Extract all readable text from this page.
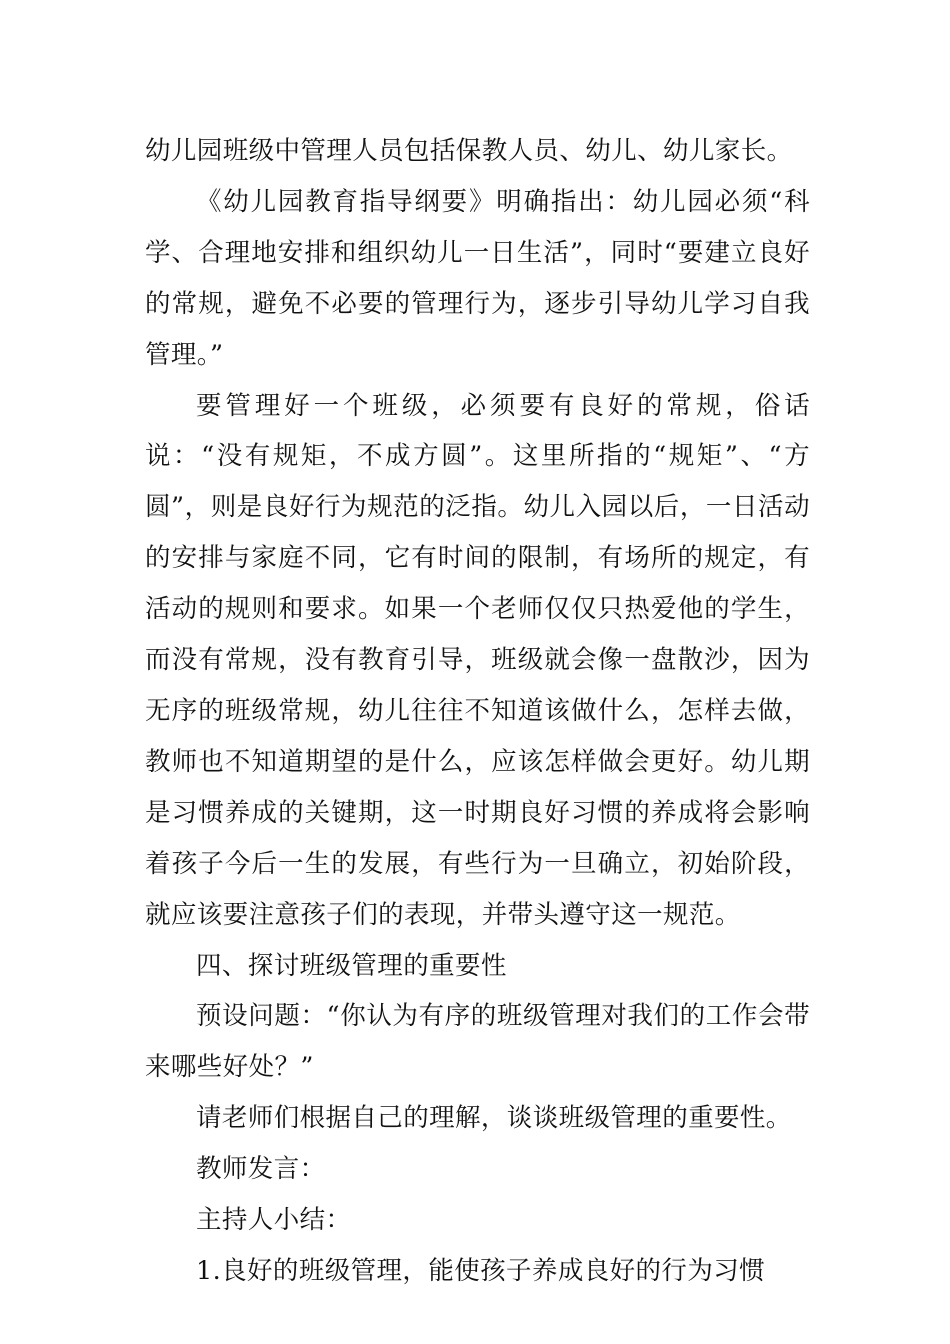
幼儿园班级中管理人员包括保教人员、幼儿、幼儿家长。

《幼儿园教育指导纲要》明确指出：幼儿园必须“科学、合理地安排和组织幼儿一日生活”，同时“要建立良好的常规，避免不必要的管理行为，逐步引导幼儿学习自我管理。”

要管理好一个班级，必须要有良好的常规，俗话说：“没有规矩，不成方圆”。这里所指的“规矩”、“方圆”，则是良好行为规范的泛指。幼儿入园以后，一日活动的安排与家庭不同，它有时间的限制，有场所的规定，有活动的规则和要求。如果一个老师仅仅只热爱他的学生，而没有常规，没有教育引导，班级就会像一盘散沙，因为无序的班级常规，幼儿往往不知道该做什么，怎样去做，教师也不知道期望的是什么，应该怎样做会更好。幼儿期是习惯养成的关键期，这一时期良好习惯的养成将会影响着孩子今后一生的发展，有些行为一旦确立，初始阶段，就应该要注意孩子们的表现，并带头遵守这一规范。

四、探讨班级管理的重要性

预设问题：“你认为有序的班级管理对我们的工作会带来哪些好处？”

请老师们根据自己的理解，谈谈班级管理的重要性。

教师发言：

主持人小结：

1.良好的班级管理，能使孩子养成良好的行为习惯
